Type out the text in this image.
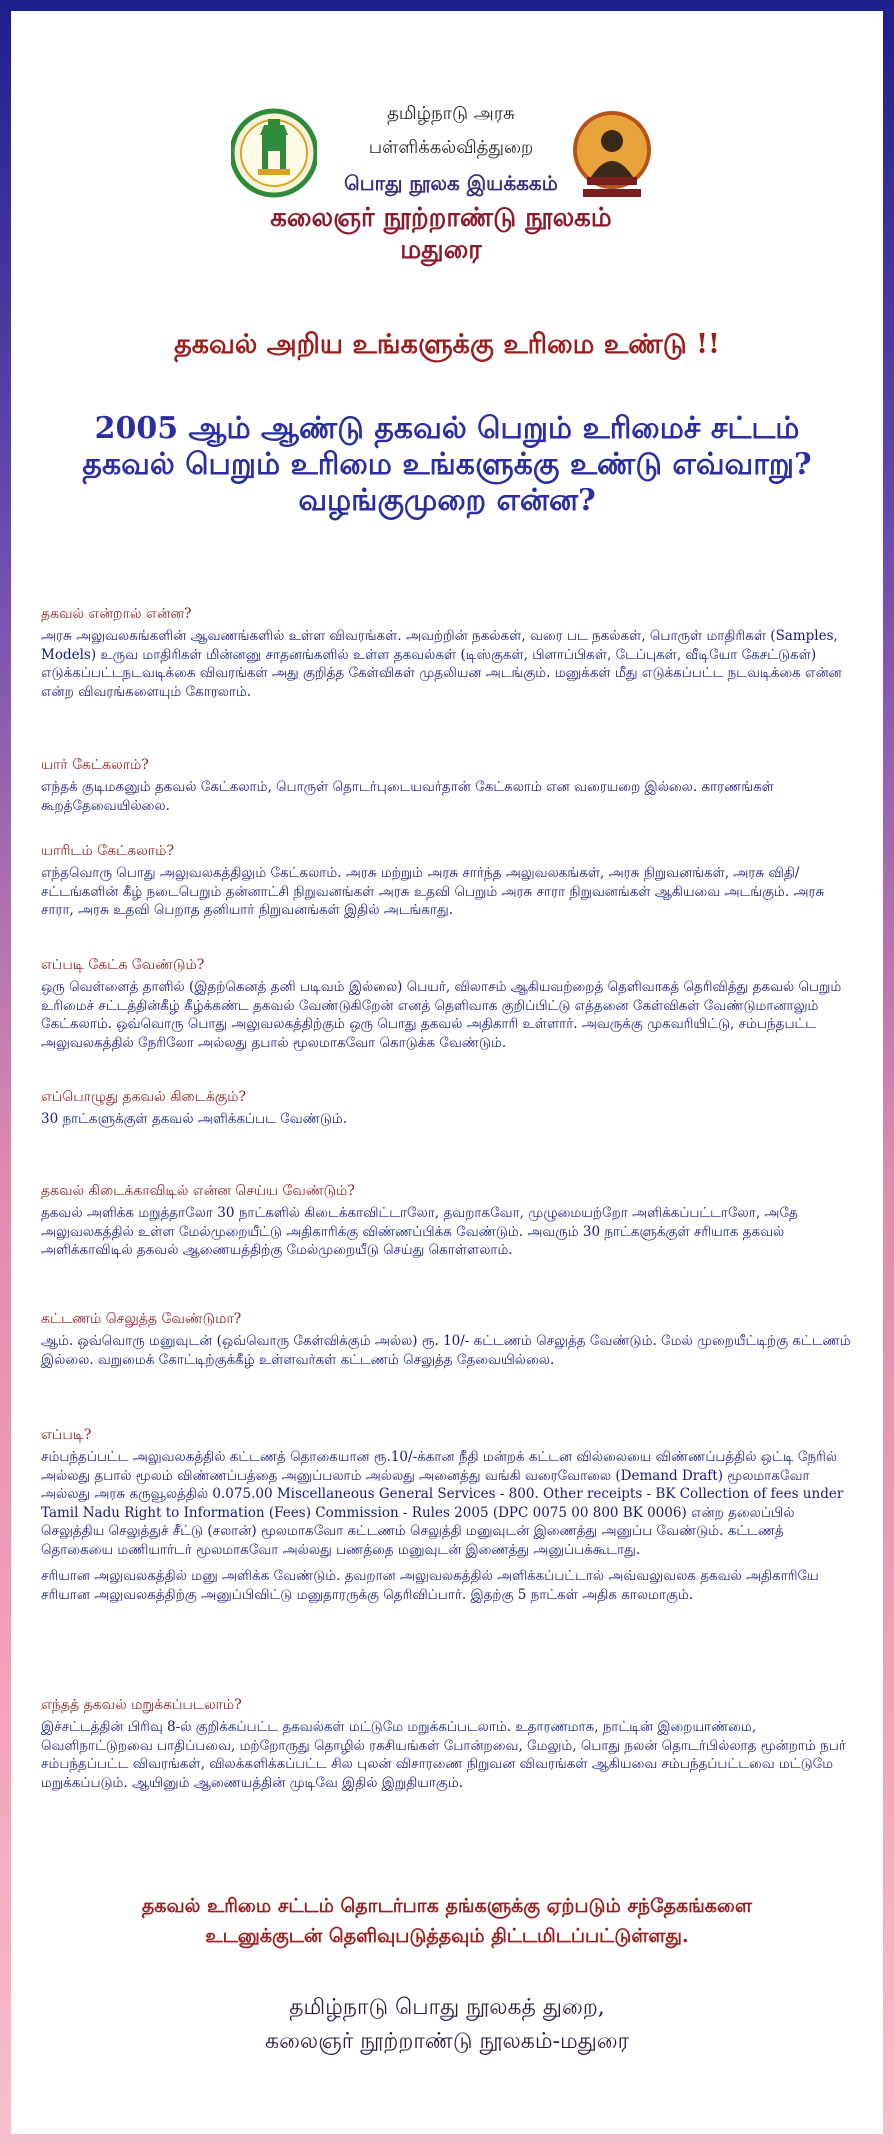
தமிழ்நாடு அரசு
பள்ளிக்கல்வித்துறை
பொது நூலக இயக்ககம்
கலைஞர் நூற்றாண்டு நூலகம்
மதுரை
தகவல் அறிய உங்களுக்கு உரிமை உண்டு !!
2005 ஆம் ஆண்டு தகவல் பெறும் உரிமைச் சட்டம்
தகவல் பெறும் உரிமை உங்களுக்கு உண்டு எவ்வாறு?
வழங்குமுறை என்ன?

தகவல் என்றால் என்ன?

அரசு அலுவலகங்களின் ஆவணங்களில் உள்ள விவரங்கள். அவற்றின் நகல்கள், வரை பட நகல்கள், பொருள் மாதிரிகள் (Samples, Models) உருவ மாதிரிகள் மின்னனு சாதனங்களில் உள்ள தகவல்கள் (டிஸ்குகள், பிளாப்பிகள், டேப்புகள், வீடியோ கேசட்டுகள்) எடுக்கப்பட்டநடவடிக்கை விவரங்கள் அது குறித்த கேள்விகள் முதலியன அடங்கும். மனுக்கள் மீது எடுக்கப்பட்ட நடவடிக்கை என்ன என்ற விவரங்களையும் கோரலாம்.

யார் கேட்கலாம்?

எந்தக் குடிமகனும் தகவல் கேட்கலாம், பொருள் தொடர்புடையவர்தான் கேட்கலாம் என வரையறை இல்லை. காரணங்கள் கூறத்தேவையில்லை.

யாரிடம் கேட்கலாம்?

எந்தவொரு பொது அலுவலகத்திலும் கேட்கலாம். அரசு மற்றும் அரசு சார்ந்த அலுவலகங்கள், அரசு நிறுவனங்கள், அரசு விதி/சட்டங்களின் கீழ் நடைபெறும் தன்னாட்சி நிறுவனங்கள் அரசு உதவி பெறும் அரசு சாரா நிறுவனங்கள் ஆகியவை அடங்கும். அரசு சாரா, அரசு உதவி பெறாத தனியார் நிறுவனங்கள் இதில் அடங்காது.

எப்படி கேட்க வேண்டும்?

ஒரு வெள்ளைத் தாளில் (இதற்கெனத் தனி படிவம் இல்லை) பெயர், விலாசம் ஆகியவற்றைத் தெளிவாகத் தெரிவித்து தகவல் பெறும் உரிமைச் சட்டத்தின்கீழ் கீழ்க்கண்ட தகவல் வேண்டுகிறேன் எனத் தெளிவாக குறிப்பிட்டு எத்தனை கேள்விகள் வேண்டுமானாலும் கேட்கலாம். ஒவ்வொரு பொது அலுவலகத்திற்கும் ஒரு பொது தகவல் அதிகாரி உள்ளார். அவருக்கு முகவரியிட்டு, சம்பந்தபட்ட அலுவலகத்தில் நேரிலோ அல்லது தபால் மூலமாகவோ கொடுக்க வேண்டும்.

எப்பொழுது தகவல் கிடைக்கும்?

30 நாட்களுக்குள் தகவல் அளிக்கப்பட வேண்டும்.

தகவல் கிடைக்காவிடில் என்ன செய்ய வேண்டும்?

தகவல் அளிக்க மறுத்தாலோ 30 நாட்களில் கிடைக்காவிட்டாலோ, தவறாகவோ, முழுமையற்றோ அளிக்கப்பட்டாலோ, அதே அலுவலகத்தில் உள்ள மேல்முறையீட்டு அதிகாரிக்கு விண்ணப்பிக்க வேண்டும். அவரும் 30 நாட்களுக்குள் சரியாக தகவல் அளிக்காவிடில் தகவல் ஆணையத்திற்கு மேல்முறையீடு செய்து கொள்ளலாம்.

கட்டணம் செலுத்த வேண்டுமா?

ஆம். ஒவ்வொரு மனுவுடன் (ஒவ்வொரு கேள்விக்கும் அல்ல) ரூ. 10/- கட்டணம் செலுத்த வேண்டும். மேல் முறையீட்டிற்கு கட்டணம் இல்லை. வறுமைக் கோட்டிற்குக்கீழ் உள்ளவர்கள் கட்டணம் செலுத்த தேவையில்லை.

எப்படி?

சம்பந்தப்பட்ட அலுவலகத்தில் கட்டணத் தொகையான ரூ.10/-க்கான நீதி மன்றக் கட்டன வில்லையை விண்ணப்பத்தில் ஒட்டி நேரில் அல்லது தபால் மூலம் விண்ணப்பத்தை அனுப்பலாம் அல்லது அனைத்து வங்கி வரைவோலை (Demand Draft) மூலமாகவோ அல்லது அரசு கருவூலத்தில் 0.075.00 Miscellaneous General Services - 800. Other receipts - BK Collection of fees under Tamil Nadu Right to Information (Fees) Commission - Rules 2005 (DPC 0075 00 800 BK 0006) என்ற தலைப்பில் செலுத்திய செலுத்துச் சீட்டு (சலான்) மூலமாகவோ கட்டணம் செலுத்தி மனுவுடன் இணைத்து அனுப்ப வேண்டும். கட்டணத் தொகையை மணியார்டர் மூலமாகவோ அல்லது பணத்தை மனுவுடன் இணைத்து அனுப்பக்கூடாது.

சரியான அலுவலகத்தில் மனு அளிக்க வேண்டும். தவறான அலுவலகத்தில் அளிக்கப்பட்டால் அவ்வலுவலக தகவல் அதிகாரியே சரியான அலுவலகத்திற்கு அனுப்பிவிட்டு மனுதாரருக்கு தெரிவிப்பார். இதற்கு 5 நாட்கள் அதிக காலமாகும்.

எந்தத் தகவல் மறுக்கப்படலாம்?

இச்சட்டத்தின் பிரிவு 8-ல் குறிக்கப்பட்ட தகவல்கள் மட்டுமே மறுக்கப்படலாம். உதாரணமாக, நாட்டின் இறையாண்மை, வெளிநாட்டுறவை பாதிப்பவை, மற்றோருது தொழில் ரகசியங்கள் போன்றவை, மேலும், பொது நலன் தொடர்பில்லாத மூன்றாம் நபர் சம்பந்தப்பட்ட விவரங்கள், விலக்களிக்கப்பட்ட சில புலன் விசாரணை நிறுவன விவரங்கள் ஆகியவை சம்பந்தப்பட்டவை மட்டுமே மறுக்கப்படும். ஆயினும் ஆணையத்தின் முடிவே இதில் இறுதியாகும்.

தகவல் உரிமை சட்டம் தொடர்பாக தங்களுக்கு ஏற்படும் சந்தேகங்களை
உடனுக்குடன் தெளிவுபடுத்தவும் திட்டமிடப்பட்டுள்ளது.
தமிழ்நாடு பொது நூலகத் துறை,
கலைஞர் நூற்றாண்டு நூலகம்-மதுரை
